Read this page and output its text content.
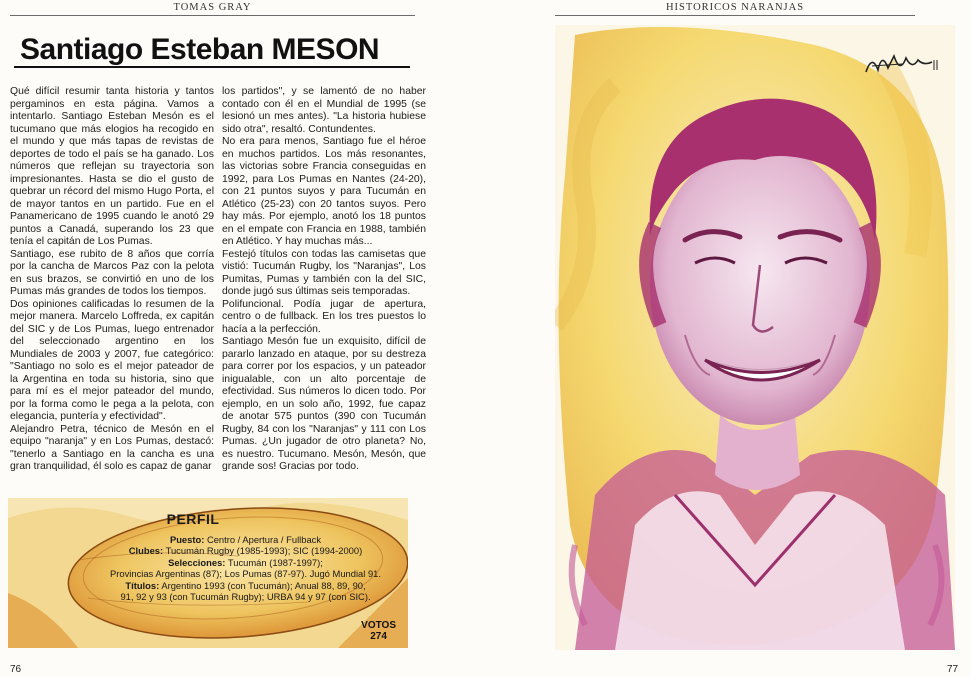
TOMAS GRAY
Santiago Esteban MESON

Qué difícil resumir tanta historia y tantos pergaminos en esta página. Vamos a intentarlo. Santiago Esteban Mesón es el tucumano que más elogios ha recogido en el mundo y que más tapas de revistas de deportes de todo el país se ha ganado. Los números que reflejan su trayectoria son impresionantes. Hasta se dio el gusto de quebrar un récord del mismo Hugo Porta, el de mayor tantos en un partido. Fue en el Panamericano de 1995 cuando le anotó 29 puntos a Canadá, superando los 23 que tenía el capitán de Los Pumas.

Santiago, ese rubito de 8 años que corría por la cancha de Marcos Paz con la pelota en sus brazos, se convirtió en uno de los Pumas más grandes de todos los tiempos.

Dos opiniones calificadas lo resumen de la mejor manera. Marcelo Loffreda, ex capitán del SIC y de Los Pumas, luego entrenador del seleccionado argentino en los Mundiales de 2003 y 2007, fue categórico: "Santiago no solo es el mejor pateador de la Argentina en toda su historia, sino que para mí es el mejor pateador del mundo, por la forma como le pega a la pelota, con elegancia, puntería y efectividad".

Alejandro Petra, técnico de Mesón en el equipo "naranja" y en Los Pumas, destacó: "tenerlo a Santiago en la cancha es una gran tranquilidad, él solo es capaz de ganar

los partidos", y se lamentó de no haber contado con él en el Mundial de 1995 (se lesionó un mes antes). "La historia hubiese sido otra", resaltó. Contundentes.

No era para menos, Santiago fue el héroe en muchos partidos. Los más resonantes, las victorias sobre Francia conseguidas en 1992, para Los Pumas en Nantes (24-20), con 21 puntos suyos y para Tucumán en Atlético (25-23) con 20 tantos suyos. Pero hay más. Por ejemplo, anotó los 18 puntos en el empate con Francia en 1988, también en Atlético. Y hay muchas más...

Festejó títulos con todas las camisetas que vistió: Tucumán Rugby, los "Naranjas", Los Pumitas, Pumas y también con la del SIC, donde jugó sus últimas seis temporadas.

Polifuncional. Podía jugar de apertura, centro o de fullback. En los tres puestos lo hacía a la perfección.

Santiago Mesón fue un exquisito, difícil de pararlo lanzado en ataque, por su destreza para correr por los espacios, y un pateador inigualable, con un alto porcentaje de efectividad. Sus números lo dicen todo. Por ejemplo, en un solo año, 1992, fue capaz de anotar 575 puntos (390 con Tucumán Rugby, 84 con los "Naranjas" y 111 con Los Pumas. ¿Un jugador de otro planeta? No, es nuestro. Tucumano. Mesón, Mesón, que grande sos! Gracias por todo.

PERFIL
Puesto: Centro / Apertura / Fullback
Clubes: Tucumán Rugby (1985-1993); SIC (1994-2000)
Selecciones: Tucumán (1987-1997);
Provincias Argentinas (87); Los Pumas (87-97). Jugó Mundial 91.
Títulos: Argentino 1993 (con Tucumán); Anual 88, 89, 90,
91, 92 y 93 (con Tucumán Rugby); URBA 94 y 97 (con SIC).
VOTOS
274
76
HISTORICOS NARANJAS
77
